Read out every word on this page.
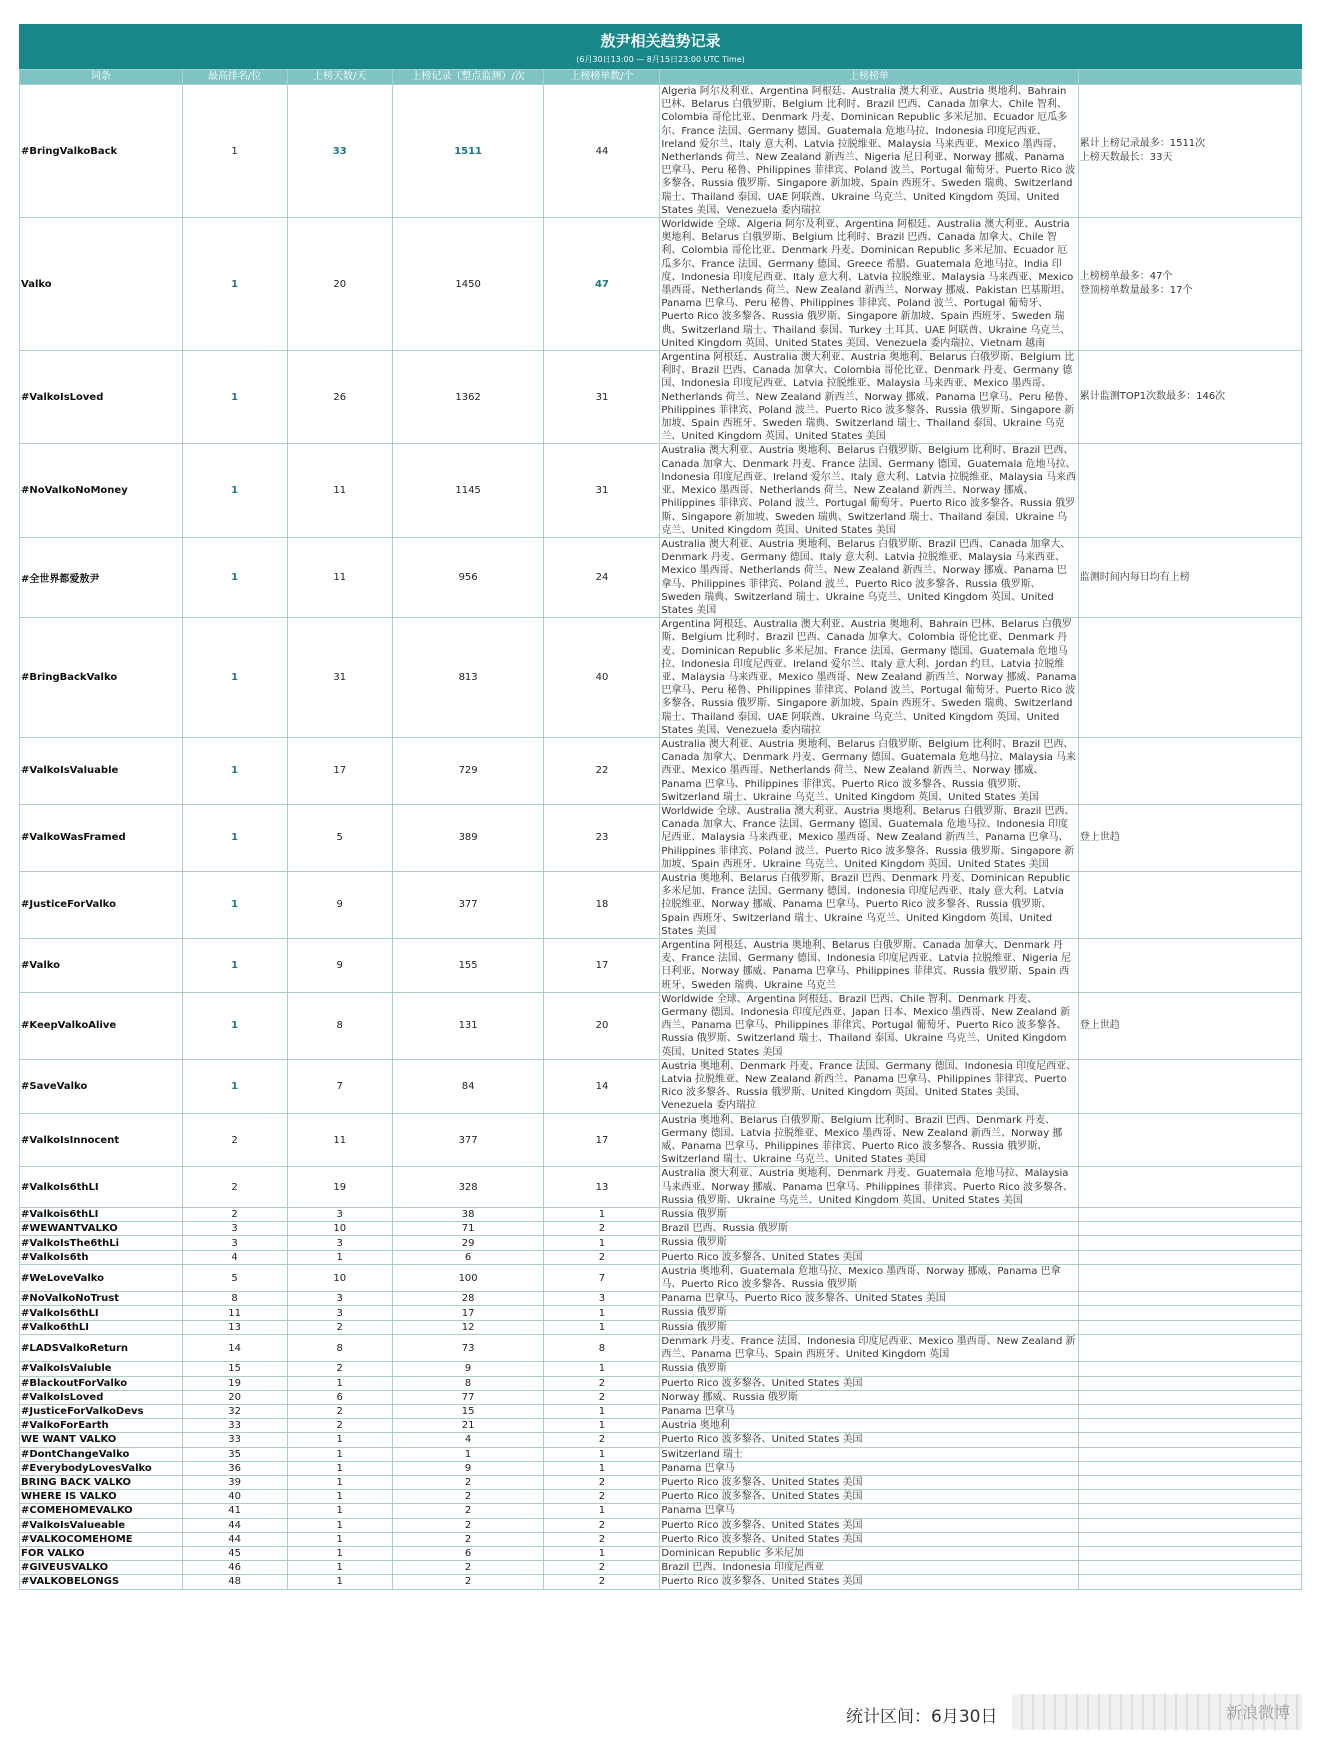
敖尹相关趋势记录
(6月30日13:00 — 8月15日23:00 UTC Time)
词条	最高排名/位	上榜天数/天	上榜记录（整点监测）/次	上榜榜单数/个	上榜榜单	
#BringValkoBack	1	33	1511	44	Algeria 阿尔及利亚、Argentina 阿根廷、Australia 澳大利亚、Austria 奥地利、Bahrain 巴林、Belarus 白俄罗斯、Belgium 比利时、Brazil 巴西、Canada 加拿大、Chile 智利、Colombia 哥伦比亚、Denmark 丹麦、Dominican Republic 多米尼加、Ecuador 厄瓜多尔、France 法国、Germany 德国、Guatemala 危地马拉、Indonesia 印度尼西亚、Ireland 爱尔兰、Italy 意大利、Latvia 拉脱维亚、Malaysia 马来西亚、Mexico 墨西哥、Netherlands 荷兰、New Zealand 新西兰、Nigeria 尼日利亚、Norway 挪威、Panama 巴拿马、Peru 秘鲁、Philippines 菲律宾、Poland 波兰、Portugal 葡萄牙、Puerto Rico 波多黎各、Russia 俄罗斯、Singapore 新加坡、Spain 西班牙、Sweden 瑞典、Switzerland 瑞士、Thailand 泰国、UAE 阿联酋、Ukraine 乌克兰、United Kingdom 英国、United States 美国、Venezuela 委内瑞拉	累计上榜记录最多：1511次
上榜天数最长：33天

Valko	1	20	1450	47	Worldwide 全球、Algeria 阿尔及利亚、Argentina 阿根廷、Australia 澳大利亚、Austria 奥地利、Belarus 白俄罗斯、Belgium 比利时、Brazil 巴西、Canada 加拿大、Chile 智利、Colombia 哥伦比亚、Denmark 丹麦、Dominican Republic 多米尼加、Ecuador 厄瓜多尔、France 法国、Germany 德国、Greece 希腊、Guatemala 危地马拉、India 印度、Indonesia 印度尼西亚、Italy 意大利、Latvia 拉脱维亚、Malaysia 马来西亚、Mexico 墨西哥、Netherlands 荷兰、New Zealand 新西兰、Norway 挪威、Pakistan 巴基斯坦、Panama 巴拿马、Peru 秘鲁、Philippines 菲律宾、Poland 波兰、Portugal 葡萄牙、Puerto Rico 波多黎各、Russia 俄罗斯、Singapore 新加坡、Spain 西班牙、Sweden 瑞典、Switzerland 瑞士、Thailand 泰国、Turkey 土耳其、UAE 阿联酋、Ukraine 乌克兰、United Kingdom 英国、United States 美国、Venezuela 委内瑞拉、Vietnam 越南	上榜榜单最多：47个
登顶榜单数量最多：17个

#ValkoIsLoved	1	26	1362	31	Argentina 阿根廷、Australia 澳大利亚、Austria 奥地利、Belarus 白俄罗斯、Belgium 比利时、Brazil 巴西、Canada 加拿大、Colombia 哥伦比亚、Denmark 丹麦、Germany 德国、Indonesia 印度尼西亚、Latvia 拉脱维亚、Malaysia 马来西亚、Mexico 墨西哥、Netherlands 荷兰、New Zealand 新西兰、Norway 挪威、Panama 巴拿马、Peru 秘鲁、Philippines 菲律宾、Poland 波兰、Puerto Rico 波多黎各、Russia 俄罗斯、Singapore 新加坡、Spain 西班牙、Sweden 瑞典、Switzerland 瑞士、Thailand 泰国、Ukraine 乌克兰、United Kingdom 英国、United States 美国	累计监测TOP1次数最多：146次

#NoValkoNoMoney	1	11	1145	31	Australia 澳大利亚、Austria 奥地利、Belarus 白俄罗斯、Belgium 比利时、Brazil 巴西、Canada 加拿大、Denmark 丹麦、France 法国、Germany 德国、Guatemala 危地马拉、Indonesia 印度尼西亚、Ireland 爱尔兰、Italy 意大利、Latvia 拉脱维亚、Malaysia 马来西亚、Mexico 墨西哥、Netherlands 荷兰、New Zealand 新西兰、Norway 挪威、Philippines 菲律宾、Poland 波兰、Portugal 葡萄牙、Puerto Rico 波多黎各、Russia 俄罗斯、Singapore 新加坡、Sweden 瑞典、Switzerland 瑞士、Thailand 泰国、Ukraine 乌克兰、United Kingdom 英国、United States 美国	
#全世界都爱敖尹	1	11	956	24	Australia 澳大利亚、Austria 奥地利、Belarus 白俄罗斯、Brazil 巴西、Canada 加拿大、Denmark 丹麦、Germany 德国、Italy 意大利、Latvia 拉脱维亚、Malaysia 马来西亚、Mexico 墨西哥、Netherlands 荷兰、New Zealand 新西兰、Norway 挪威、Panama 巴拿马、Philippines 菲律宾、Poland 波兰、Puerto Rico 波多黎各、Russia 俄罗斯、Sweden 瑞典、Switzerland 瑞士、Ukraine 乌克兰、United Kingdom 英国、United States 美国	监测时间内每日均有上榜

#BringBackValko	1	31	813	40	Argentina 阿根廷、Australia 澳大利亚、Austria 奥地利、Bahrain 巴林、Belarus 白俄罗斯、Belgium 比利时、Brazil 巴西、Canada 加拿大、Colombia 哥伦比亚、Denmark 丹麦、Dominican Republic 多米尼加、France 法国、Germany 德国、Guatemala 危地马拉、Indonesia 印度尼西亚、Ireland 爱尔兰、Italy 意大利、Jordan 约旦、Latvia 拉脱维亚、Malaysia 马来西亚、Mexico 墨西哥、New Zealand 新西兰、Norway 挪威、Panama 巴拿马、Peru 秘鲁、Philippines 菲律宾、Poland 波兰、Portugal 葡萄牙、Puerto Rico 波多黎各、Russia 俄罗斯、Singapore 新加坡、Spain 西班牙、Sweden 瑞典、Switzerland 瑞士、Thailand 泰国、UAE 阿联酋、Ukraine 乌克兰、United Kingdom 英国、United States 美国、Venezuela 委内瑞拉	
#ValkoIsValuable	1	17	729	22	Australia 澳大利亚、Austria 奥地利、Belarus 白俄罗斯、Belgium 比利时、Brazil 巴西、Canada 加拿大、Denmark 丹麦、Germany 德国、Guatemala 危地马拉、Malaysia 马来西亚、Mexico 墨西哥、Netherlands 荷兰、New Zealand 新西兰、Norway 挪威、Panama 巴拿马、Philippines 菲律宾、Puerto Rico 波多黎各、Russia 俄罗斯、Switzerland 瑞士、Ukraine 乌克兰、United Kingdom 英国、United States 美国	
#ValkoWasFramed	1	5	389	23	Worldwide 全球、Australia 澳大利亚、Austria 奥地利、Belarus 白俄罗斯、Brazil 巴西、Canada 加拿大、France 法国、Germany 德国、Guatemala 危地马拉、Indonesia 印度尼西亚、Malaysia 马来西亚、Mexico 墨西哥、New Zealand 新西兰、Panama 巴拿马、Philippines 菲律宾、Poland 波兰、Puerto Rico 波多黎各、Russia 俄罗斯、Singapore 新加坡、Spain 西班牙、Ukraine 乌克兰、United Kingdom 英国、United States 美国	登上世趋

#JusticeForValko	1	9	377	18	Austria 奥地利、Belarus 白俄罗斯、Brazil 巴西、Denmark 丹麦、Dominican Republic 多米尼加、France 法国、Germany 德国、Indonesia 印度尼西亚、Italy 意大利、Latvia 拉脱维亚、Norway 挪威、Panama 巴拿马、Puerto Rico 波多黎各、Russia 俄罗斯、Spain 西班牙、Switzerland 瑞士、Ukraine 乌克兰、United Kingdom 英国、United States 美国	
#Valko	1	9	155	17	Argentina 阿根廷、Austria 奥地利、Belarus 白俄罗斯、Canada 加拿大、Denmark 丹麦、France 法国、Germany 德国、Indonesia 印度尼西亚、Latvia 拉脱维亚、Nigeria 尼日利亚、Norway 挪威、Panama 巴拿马、Philippines 菲律宾、Russia 俄罗斯、Spain 西班牙、Sweden 瑞典、Ukraine 乌克兰	
#KeepValkoAlive	1	8	131	20	Worldwide 全球、Argentina 阿根廷、Brazil 巴西、Chile 智利、Denmark 丹麦、Germany 德国、Indonesia 印度尼西亚、Japan 日本、Mexico 墨西哥、New Zealand 新西兰、Panama 巴拿马、Philippines 菲律宾、Portugal 葡萄牙、Puerto Rico 波多黎各、Russia 俄罗斯、Switzerland 瑞士、Thailand 泰国、Ukraine 乌克兰、United Kingdom 英国、United States 美国	登上世趋

#SaveValko	1	7	84	14	Austria 奥地利、Denmark 丹麦、France 法国、Germany 德国、Indonesia 印度尼西亚、Latvia 拉脱维亚、New Zealand 新西兰、Panama 巴拿马、Philippines 菲律宾、Puerto Rico 波多黎各、Russia 俄罗斯、United Kingdom 英国、United States 美国、Venezuela 委内瑞拉	
#ValkoIsInnocent	2	11	377	17	Austria 奥地利、Belarus 白俄罗斯、Belgium 比利时、Brazil 巴西、Denmark 丹麦、Germany 德国、Latvia 拉脱维亚、Mexico 墨西哥、New Zealand 新西兰、Norway 挪威、Panama 巴拿马、Philippines 菲律宾、Puerto Rico 波多黎各、Russia 俄罗斯、Switzerland 瑞士、Ukraine 乌克兰、United States 美国	
#ValkoIs6thLI	2	19	328	13	Australia 澳大利亚、Austria 奥地利、Denmark 丹麦、Guatemala 危地马拉、Malaysia 马来西亚、Norway 挪威、Panama 巴拿马、Philippines 菲律宾、Puerto Rico 波多黎各、Russia 俄罗斯、Ukraine 乌克兰、United Kingdom 英国、United States 美国	
#Valkois6thLI	2	3	38	1	Russia 俄罗斯	
#WEWANTVALKO	3	10	71	2	Brazil 巴西、Russia 俄罗斯	
#ValkoIsThe6thLi	3	3	29	1	Russia 俄罗斯	
#ValkoIs6th	4	1	6	2	Puerto Rico 波多黎各、United States 美国	
#WeLoveValko	5	10	100	7	Austria 奥地利、Guatemala 危地马拉、Mexico 墨西哥、Norway 挪威、Panama 巴拿马、Puerto Rico 波多黎各、Russia 俄罗斯	
#NoValkoNoTrust	8	3	28	3	Panama 巴拿马、Puerto Rico 波多黎各、United States 美国	
#ValkoIs6thLI	11	3	17	1	Russia 俄罗斯	
#Valko6thLI	13	2	12	1	Russia 俄罗斯	
#LADSValkoReturn	14	8	73	8	Denmark 丹麦、France 法国、Indonesia 印度尼西亚、Mexico 墨西哥、New Zealand 新西兰、Panama 巴拿马、Spain 西班牙、United Kingdom 英国	
#ValkoIsValuble	15	2	9	1	Russia 俄罗斯	
#BlackoutForValko	19	1	8	2	Puerto Rico 波多黎各、United States 美国	
#ValkoIsLoved	20	6	77	2	Norway 挪威、Russia 俄罗斯	
#JusticeForValkoDevs	32	2	15	1	Panama 巴拿马	
#ValkoForEarth	33	2	21	1	Austria 奥地利	
WE WANT VALKO	33	1	4	2	Puerto Rico 波多黎各、United States 美国	
#DontChangeValko	35	1	1	1	Switzerland 瑞士	
#EverybodyLovesValko	36	1	9	1	Panama 巴拿马	
BRING BACK VALKO	39	1	2	2	Puerto Rico 波多黎各、United States 美国	
WHERE IS VALKO	40	1	2	2	Puerto Rico 波多黎各、United States 美国	
#COMEHOMEVALKO	41	1	2	1	Panama 巴拿马	
#ValkoIsValueable	44	1	2	2	Puerto Rico 波多黎各、United States 美国	
#VALKOCOMEHOME	44	1	2	2	Puerto Rico 波多黎各、United States 美国	
FOR VALKO	45	1	6	1	Dominican Republic 多米尼加	
#GIVEUSVALKO	46	1	2	2	Brazil 巴西、Indonesia 印度尼西亚	
#VALKOBELONGS	48	1	2	2	Puerto Rico 波多黎各、United States 美国	
统计区间：6月30日	新浪微博
